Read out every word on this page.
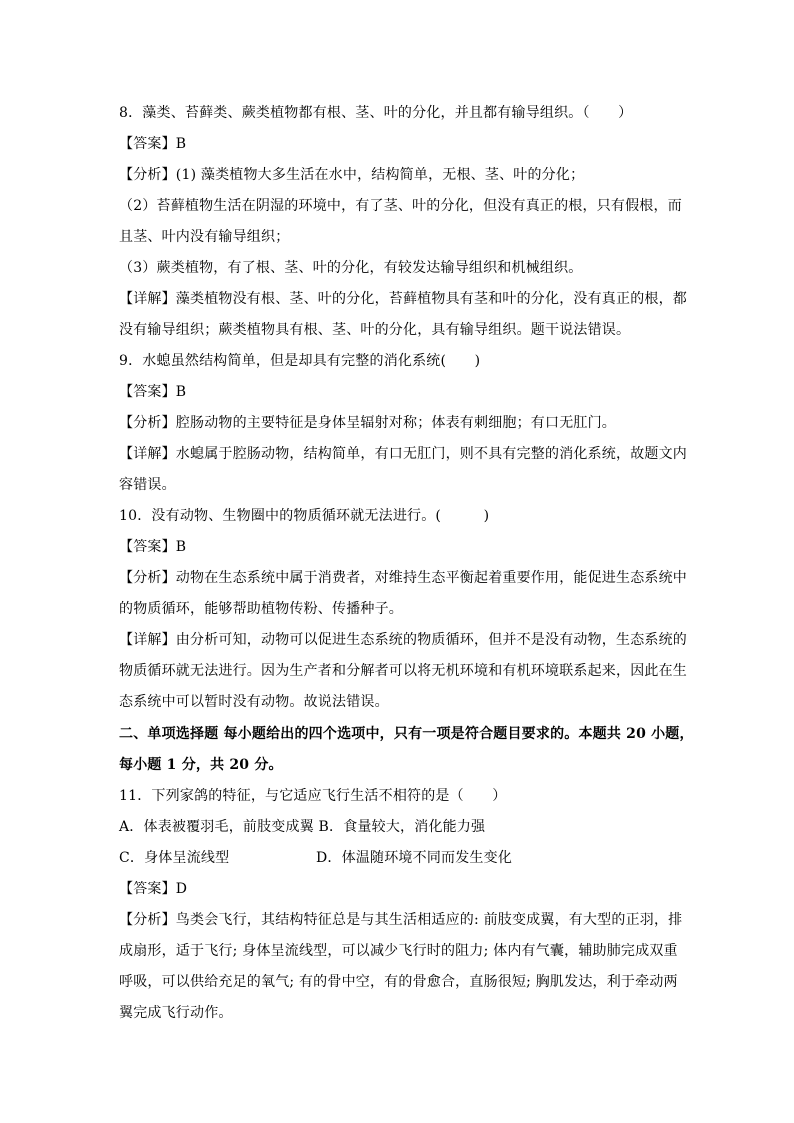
8．藻类、苔藓类、蕨类植物都有根、茎、叶的分化，并且都有输导组织。（　　）
【答案】B
【分析】(1) 藻类植物大多生活在水中，结构简单，无根、茎、叶的分化；
（2）苔藓植物生活在阴湿的环境中，有了茎、叶的分化，但没有真正的根，只有假根，而
且茎、叶内没有输导组织；
（3）蕨类植物，有了根、茎、叶的分化，有较发达输导组织和机械组织。
【详解】藻类植物没有根、茎、叶的分化，苔藓植物具有茎和叶的分化，没有真正的根，都
没有输导组织；蕨类植物具有根、茎、叶的分化，具有输导组织。题干说法错误。
9．水螅虽然结构简单，但是却具有完整的消化系统(　　)
【答案】B
【分析】腔肠动物的主要特征是身体呈辐射对称；体表有刺细胞；有口无肛门。
【详解】水螅属于腔肠动物，结构简单，有口无肛门，则不具有完整的消化系统，故题文内
容错误。
10．没有动物、生物圈中的物质循环就无法进行。(　　　)
【答案】B
【分析】动物在生态系统中属于消费者，对维持生态平衡起着重要作用，能促进生态系统中
的物质循环，能够帮助植物传粉、传播种子。
【详解】由分析可知，动物可以促进生态系统的物质循环，但并不是没有动物，生态系统的
物质循环就无法进行。因为生产者和分解者可以将无机环境和有机环境联系起来，因此在生
态系统中可以暂时没有动物。故说法错误。
二、单项选择题 每小题给出的四个选项中，只有一项是符合题目要求的。本题共 20 小题，
每小题 1 分，共 20 分。
11．下列家鸽的特征，与它适应飞行生活不相符的是（　　）
A．体表被覆羽毛，前肢变成翼 B．食量较大，消化能力强
C．身体呈流线型	D．体温随环境不同而发生变化
【答案】D
【分析】鸟类会飞行，其结构特征总是与其生活相适应的: 前肢变成翼，有大型的正羽，排
成扇形，适于飞行; 身体呈流线型，可以减少飞行时的阻力; 体内有气囊，辅助肺完成双重
呼吸，可以供给充足的氧气; 有的骨中空，有的骨愈合，直肠很短; 胸肌发达，利于牵动两
翼完成飞行动作。
